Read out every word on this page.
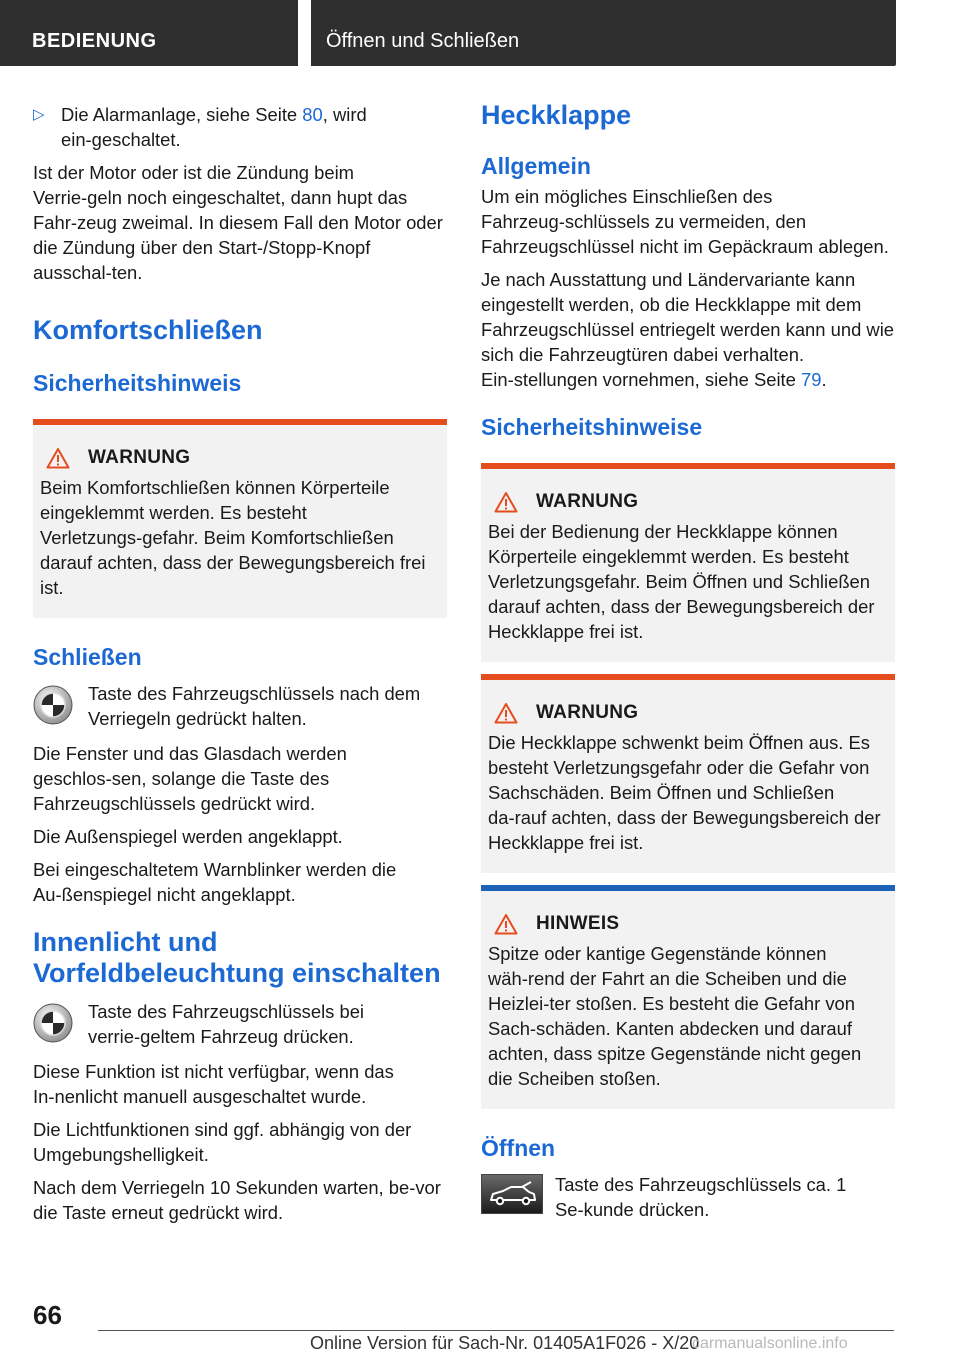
BEDIENUNG	Öffnen und Schließen
▷ Die Alarmanlage, siehe Seite 80, wird ein‑geschaltet.

Ist der Motor oder ist die Zündung beim Verrie‑geln noch eingeschaltet, dann hupt das Fahr‑zeug zweimal. In diesem Fall den Motor oder die Zündung über den Start-/Stopp-Knopf ausschal‑ten.

Komfortschließen
Sicherheitshinweis
WARNUNG

Beim Komfortschließen können Körperteile eingeklemmt werden. Es besteht Verletzungs‑gefahr. Beim Komfortschließen darauf achten, dass der Bewegungsbereich frei ist.

Schließen

Taste des Fahrzeugschlüssels nach dem Verriegeln gedrückt halten.

Die Fenster und das Glasdach werden geschlos‑sen, solange die Taste des Fahrzeugschlüssels gedrückt wird.

Die Außenspiegel werden angeklappt.

Bei eingeschaltetem Warnblinker werden die Au‑ßenspiegel nicht angeklappt.

Innenlicht und Vorfeldbeleuchtung einschalten

Taste des Fahrzeugschlüssels bei verrie‑geltem Fahrzeug drücken.

Diese Funktion ist nicht verfügbar, wenn das In‑nenlicht manuell ausgeschaltet wurde.

Die Lichtfunktionen sind ggf. abhängig von der Umgebungshelligkeit.

Nach dem Verriegeln 10 Sekunden warten, be‑vor die Taste erneut gedrückt wird.

Heckklappe
Allgemein

Um ein mögliches Einschließen des Fahrzeug‑schlüssels zu vermeiden, den Fahrzeugschlüssel nicht im Gepäckraum ablegen.

Je nach Ausstattung und Ländervariante kann eingestellt werden, ob die Heckklappe mit dem Fahrzeugschlüssel entriegelt werden kann und wie sich die Fahrzeugtüren dabei verhalten. Ein‑stellungen vornehmen, siehe Seite 79.

Sicherheitshinweise
WARNUNG

Bei der Bedienung der Heckklappe können Körperteile eingeklemmt werden. Es besteht Verletzungsgefahr. Beim Öffnen und Schließen darauf achten, dass der Bewegungsbereich der Heckklappe frei ist.

WARNUNG

Die Heckklappe schwenkt beim Öffnen aus. Es besteht Verletzungsgefahr oder die Gefahr von Sachschäden. Beim Öffnen und Schließen da‑rauf achten, dass der Bewegungsbereich der Heckklappe frei ist.

HINWEIS

Spitze oder kantige Gegenstände können wäh‑rend der Fahrt an die Scheiben und die Heizlei‑ter stoßen. Es besteht die Gefahr von Sach‑schäden. Kanten abdecken und darauf achten, dass spitze Gegenstände nicht gegen die Scheiben stoßen.

Öffnen

Taste des Fahrzeugschlüssels ca. 1 Se‑kunde drücken.

66
Online Version für Sach-Nr. 01405A1F026 - X/20
carmanualsonline.info
